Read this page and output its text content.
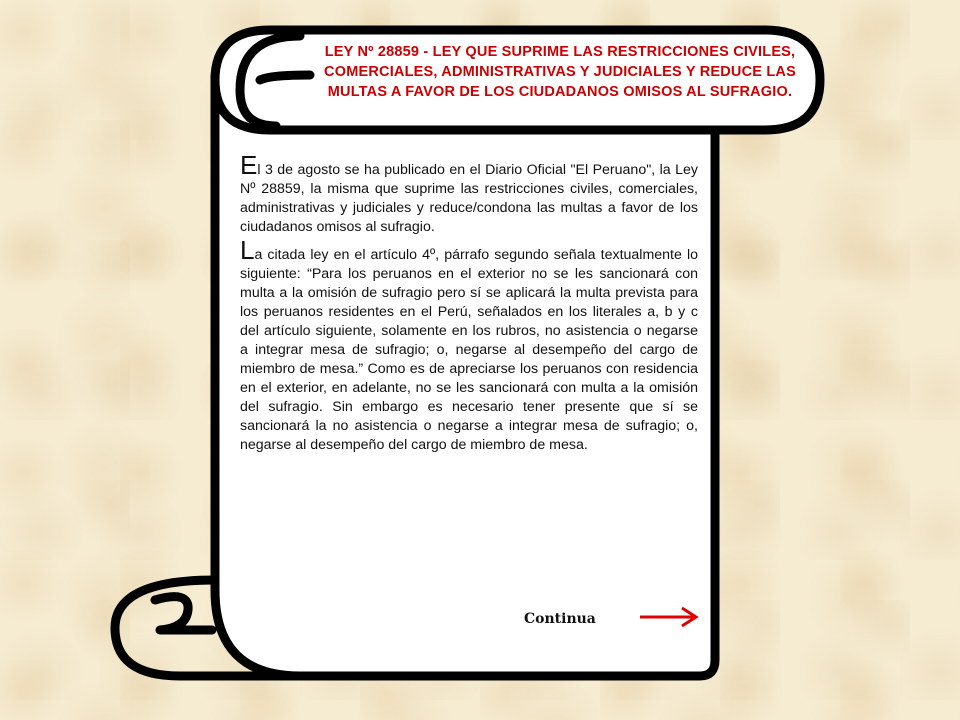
LEY Nº 28859 - LEY QUE SUPRIME LAS RESTRICCIONES CIVILES, COMERCIALES, ADMINISTRATIVAS Y JUDICIALES Y REDUCE LAS MULTAS A FAVOR DE LOS CIUDADANOS OMISOS AL SUFRAGIO.

El 3 de agosto se ha publicado en el Diario Oficial "El Peruano", la Ley Nº 28859, la misma que suprime las restricciones civiles, comerciales, administrativas y judiciales y reduce/condona las multas a favor de los ciudadanos omisos al sufragio.

La citada ley en el artículo 4º, párrafo segundo señala textualmente lo siguiente: “Para los peruanos en el exterior no se les sancionará con multa a la omisión de sufragio pero sí se aplicará la multa prevista para los peruanos residentes en el Perú, señalados en los literales a, b y c del artículo siguiente, solamente en los rubros, no asistencia o negarse a integrar mesa de sufragio; o, negarse al desempeño del cargo de miembro de mesa.” Como es de apreciarse los peruanos con residencia en el exterior, en adelante, no se les sancionará con multa a la omisión del sufragio. Sin embargo es necesario tener presente que sí se sancionará la no asistencia o negarse a integrar mesa de sufragio; o, negarse al desempeño del cargo de miembro de mesa.

Continua
